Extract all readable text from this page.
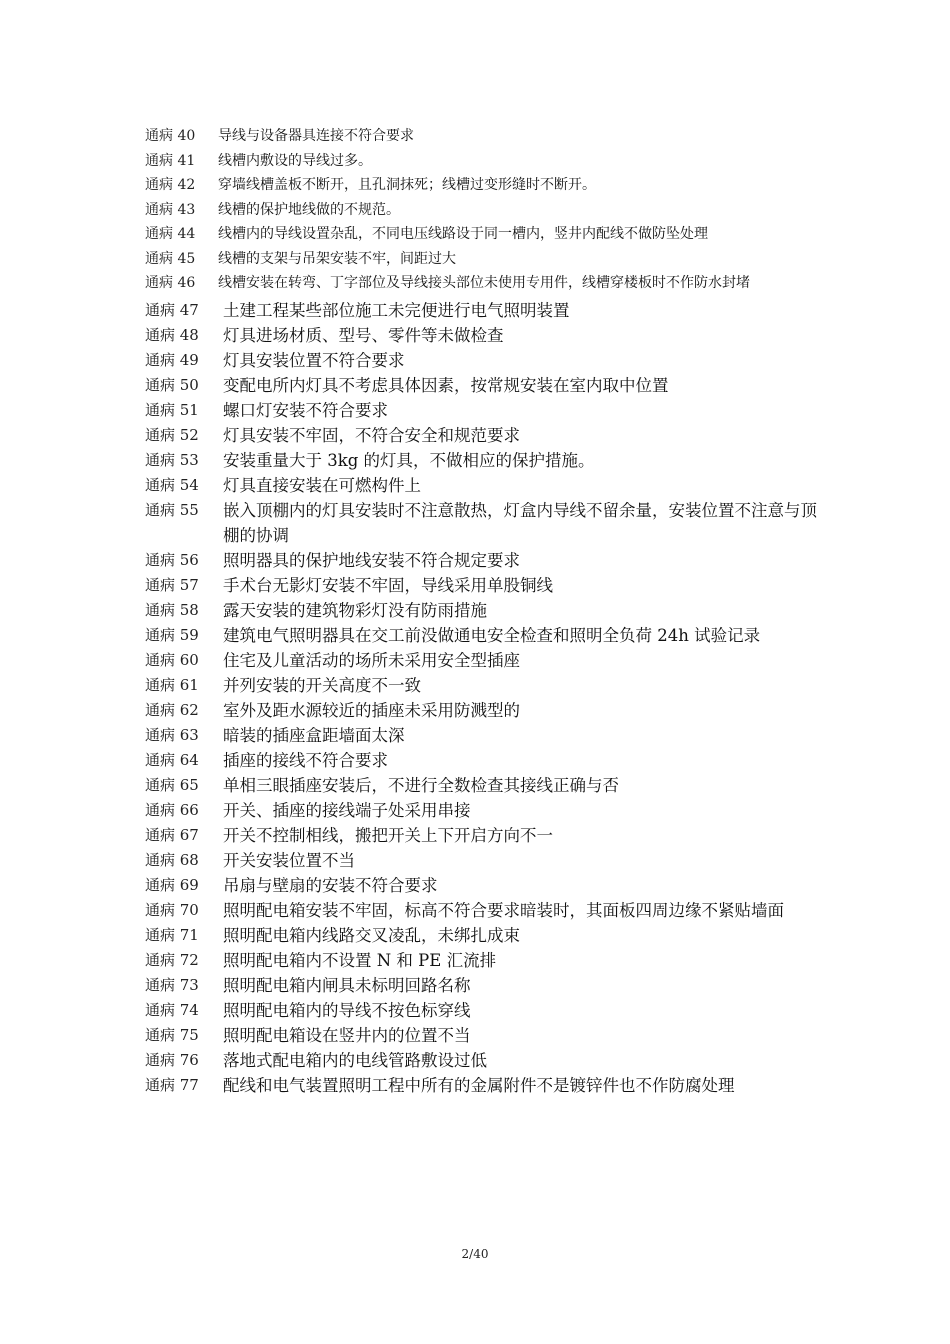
通病 40	导线与设备器具连接不符合要求
通病 41	线槽内敷设的导线过多。
通病 42	穿墙线槽盖板不断开，且孔洞抹死；线槽过变形缝时不断开。
通病 43	线槽的保护地线做的不规范。
通病 44	线槽内的导线设置杂乱，不同电压线路设于同一槽内，竖井内配线不做防坠处理
通病 45	线槽的支架与吊架安装不牢，间距过大
通病 46	线槽安装在转弯、丁字部位及导线接头部位未使用专用件，线槽穿楼板时不作防水封堵
通病 47	土建工程某些部位施工未完便进行电气照明装置
通病 48	灯具进场材质、型号、零件等未做检查
通病 49	灯具安装位置不符合要求
通病 50	变配电所内灯具不考虑具体因素，按常规安装在室内取中位置
通病 51	螺口灯安装不符合要求
通病 52	灯具安装不牢固，不符合安全和规范要求
通病 53	安装重量大于 3kg 的灯具，不做相应的保护措施。
通病 54	灯具直接安装在可燃构件上
通病 55	嵌入顶棚内的灯具安装时不注意散热，灯盒内导线不留余量，安装位置不注意与顶棚的协调
通病 56	照明器具的保护地线安装不符合规定要求
通病 57	手术台无影灯安装不牢固，导线采用单股铜线
通病 58	露天安装的建筑物彩灯没有防雨措施
通病 59	建筑电气照明器具在交工前没做通电安全检查和照明全负荷 24h 试验记录
通病 60	住宅及儿童活动的场所未采用安全型插座
通病 61	并列安装的开关高度不一致
通病 62	室外及距水源较近的插座未采用防溅型的
通病 63	暗装的插座盒距墙面太深
通病 64	插座的接线不符合要求
通病 65	单相三眼插座安装后，不进行全数检查其接线正确与否
通病 66	开关、插座的接线端子处采用串接
通病 67	开关不控制相线，搬把开关上下开启方向不一
通病 68	开关安装位置不当
通病 69	吊扇与壁扇的安装不符合要求
通病 70	照明配电箱安装不牢固，标高不符合要求暗装时，其面板四周边缘不紧贴墙面
通病 71	照明配电箱内线路交叉凌乱，未绑扎成束
通病 72	照明配电箱内不设置 N 和 PE 汇流排
通病 73	照明配电箱内闸具未标明回路名称
通病 74	照明配电箱内的导线不按色标穿线
通病 75	照明配电箱设在竖井内的位置不当
通病 76	落地式配电箱内的电线管路敷设过低
通病 77	配线和电气装置照明工程中所有的金属附件不是镀锌件也不作防腐处理
2/40
